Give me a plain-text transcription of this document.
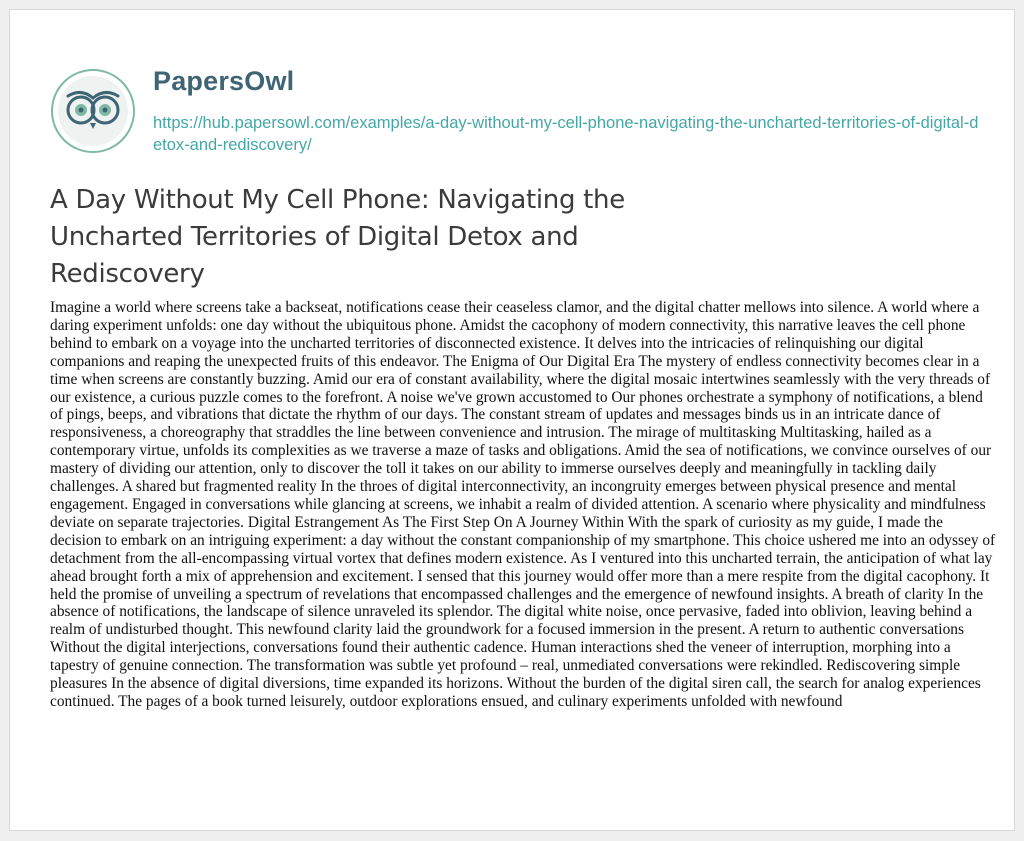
PapersOwl
https://hub.papersowl.com/examples/a-day-without-my-cell-phone-navigating-the-uncharted-territories-of-digital-detox-and-rediscovery/
A Day Without My Cell Phone: Navigating the Uncharted Territories of Digital Detox and Rediscovery

Imagine a world where screens take a backseat, notifications cease their ceaseless clamor, and the digital chatter mellows into silence. A world where a daring experiment unfolds: one day without the ubiquitous phone. Amidst the cacophony of modern connectivity, this narrative leaves the cell phone behind to embark on a voyage into the uncharted territories of disconnected existence. It delves into the intricacies of relinquishing our digital companions and reaping the unexpected fruits of this endeavor. The Enigma of Our Digital Era The mystery of endless connectivity becomes clear in a time when screens are constantly buzzing. Amid our era of constant availability, where the digital mosaic intertwines seamlessly with the very threads of our existence, a curious puzzle comes to the forefront. A noise we've grown accustomed to Our phones orchestrate a symphony of notifications, a blend of pings, beeps, and vibrations that dictate the rhythm of our days. The constant stream of updates and messages binds us in an intricate dance of responsiveness, a choreography that straddles the line between convenience and intrusion. The mirage of multitasking Multitasking, hailed as a contemporary virtue, unfolds its complexities as we traverse a maze of tasks and obligations. Amid the sea of notifications, we convince ourselves of our mastery of dividing our attention, only to discover the toll it takes on our ability to immerse ourselves deeply and meaningfully in tackling daily challenges. A shared but fragmented reality In the throes of digital interconnectivity, an incongruity emerges between physical presence and mental engagement. Engaged in conversations while glancing at screens, we inhabit a realm of divided attention. A scenario where physicality and mindfulness deviate on separate trajectories. Digital Estrangement As The First Step On A Journey Within With the spark of curiosity as my guide, I made the decision to embark on an intriguing experiment: a day without the constant companionship of my smartphone. This choice ushered me into an odyssey of detachment from the all-encompassing virtual vortex that defines modern existence. As I ventured into this uncharted terrain, the anticipation of what lay ahead brought forth a mix of apprehension and excitement. I sensed that this journey would offer more than a mere respite from the digital cacophony. It held the promise of unveiling a spectrum of revelations that encompassed challenges and the emergence of newfound insights. A breath of clarity In the absence of notifications, the landscape of silence unraveled its splendor. The digital white noise, once pervasive, faded into oblivion, leaving behind a realm of undisturbed thought. This newfound clarity laid the groundwork for a focused immersion in the present. A return to authentic conversations Without the digital interjections, conversations found their authentic cadence. Human interactions shed the veneer of interruption, morphing into a tapestry of genuine connection. The transformation was subtle yet profound – real, unmediated conversations were rekindled. Rediscovering simple pleasures In the absence of digital diversions, time expanded its horizons. Without the burden of the digital siren call, the search for analog experiences continued. The pages of a book turned leisurely, outdoor explorations ensued, and culinary experiments unfolded with newfound
